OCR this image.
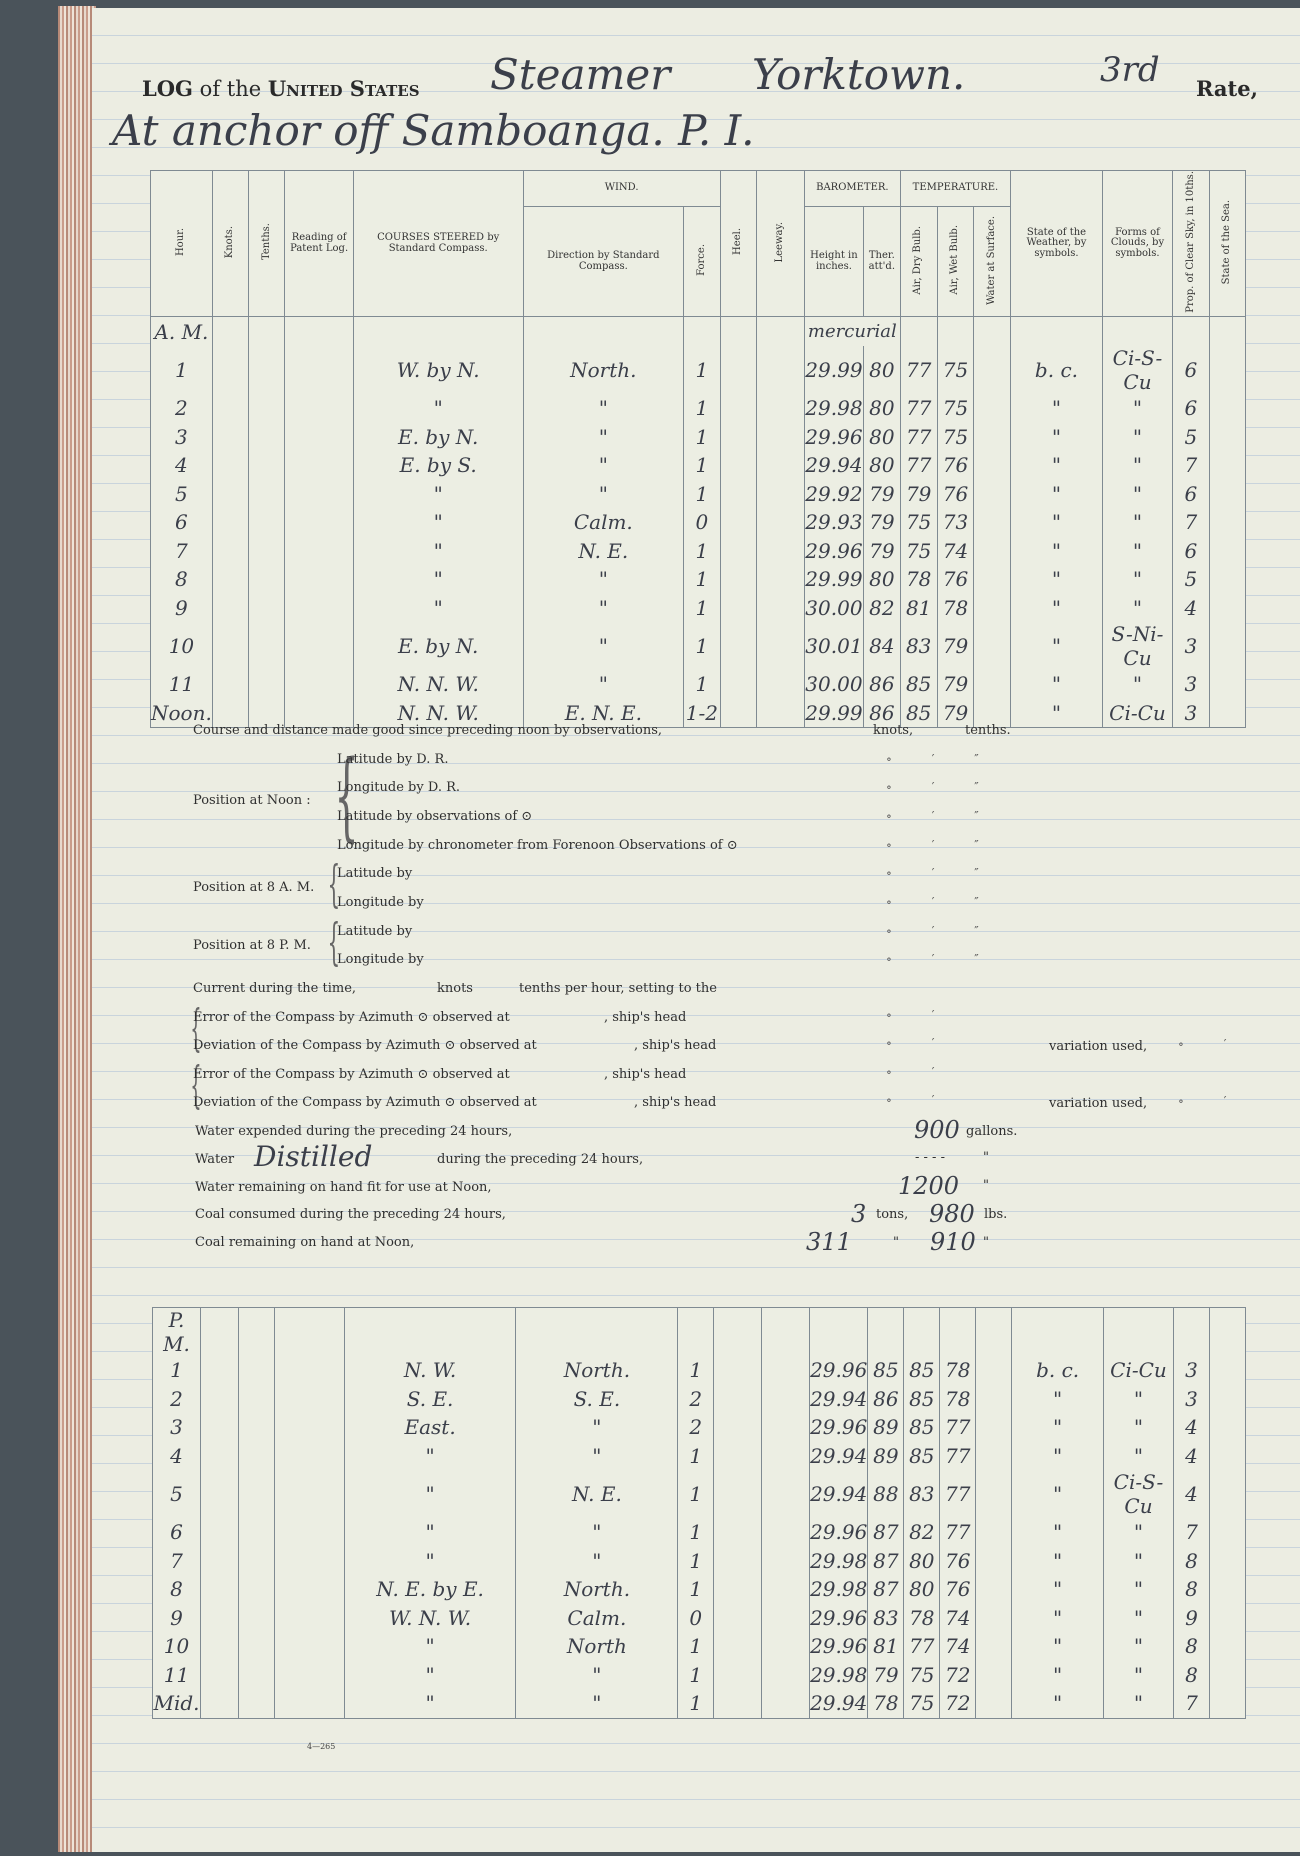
LOG of the United States Steamer Yorktown.	3rd Rate,
At anchor off Samboanga. P. I.
Hour.	Knots.	Tenths.	Reading of Patent Log.	COURSES STEERED by Standard Compass.	WIND.		Heel.	Leeway.	BAROMETER.		TEMPERATURE.			State of the Weather, by symbols.	Forms of Clouds, by symbols.	Prop. of Clear Sky, in 10ths.	State of the Sea.
					Direction by Standard Compass.	Force.			Height in inches.	Ther. att'd.	Air, Dry Bulb.	Air, Wet Bulb.	Water at Surface.				
A. M.									mercurial								
1				W. by N.	North.	1			29.99	80	77	75		b. c.	Ci-S-Cu	6	
2				"	"	1			29.98	80	77	75		"	"	6	
3				E. by N.	"	1			29.96	80	77	75		"	"	5	
4				E. by S.	"	1			29.94	80	77	76		"	"	7	
5				"	"	1			29.92	79	79	76		"	"	6	
6				"	Calm.	0			29.93	79	75	73		"	"	7	
7				"	N. E.	1			29.96	79	75	74		"	"	6	
8				"	"	1			29.99	80	78	76		"	"	5	
9				"	"	1			30.00	82	81	78		"	"	4	
10				E. by N.	"	1			30.01	84	83	79		"	S-Ni-Cu	3	
11				N. N. W.	"	1			30.00	86	85	79		"	"	3	
Noon.				N. N. W.	E. N. E.	1-2			29.99	86	85	79		"	Ci-Cu	3	
Course and distance made good since preceding noon by observations,	knots,	tenths.
Position at Noon : {
Latitude by D. R.
Longitude by D. R.
Latitude by observations of ⊙
Longitude by chronometer from Forenoon Observations of ⊙
Position at 8 A. M. {
Latitude by
Longitude by
Position at 8 P. M. {
Latitude by
Longitude by
∘ ′ ″
∘ ′ ″
∘ ′ ″
∘ ′ ″
∘ ′ ″
∘ ′ ″
∘ ′ ″
∘ ′ ″
Current during the time,	knots	tenths per hour, setting to the
{
Error of the Compass by Azimuth ⊙ observed at	, ship's head
Deviation of the Compass by Azimuth ⊙ observed at	, ship's head	variation used,
{
Error of the Compass by Azimuth ⊙ observed at	, ship's head
Deviation of the Compass by Azimuth ⊙ observed at	, ship's head	variation used,
∘ ′
∘ ′
∘ ′
∘ ′
∘ ′
∘ ′
Water expended during the preceding 24 hours,	900 gallons.
Water Distilled	during the preceding 24 hours,	- - - -	"
Water remaining on hand fit for use at Noon,	1200 "
Coal consumed during the preceding 24 hours,	3 tons, 980 lbs.
Coal remaining on hand at Noon,	311	" 910 "
P. M.																	
1				N. W.	North.	1			29.96	85	85	78		b. c.	Ci-Cu	3	
2				S. E.	S. E.	2			29.94	86	85	78		"	"	3	
3				East.	"	2			29.96	89	85	77		"	"	4	
4				"	"	1			29.94	89	85	77		"	"	4	
5				"	N. E.	1			29.94	88	83	77		"	Ci-S-Cu	4	
6				"	"	1			29.96	87	82	77		"	"	7	
7				"	"	1			29.98	87	80	76		"	"	8	
8				N. E. by E.	North.	1			29.98	87	80	76		"	"	8	
9				W. N. W.	Calm.	0			29.96	83	78	74		"	"	9	
10				"	North	1			29.96	81	77	74		"	"	8	
11				"	"	1			29.98	79	75	72		"	"	8	
Mid.				"	"	1			29.94	78	75	72		"	"	7	
4—265
